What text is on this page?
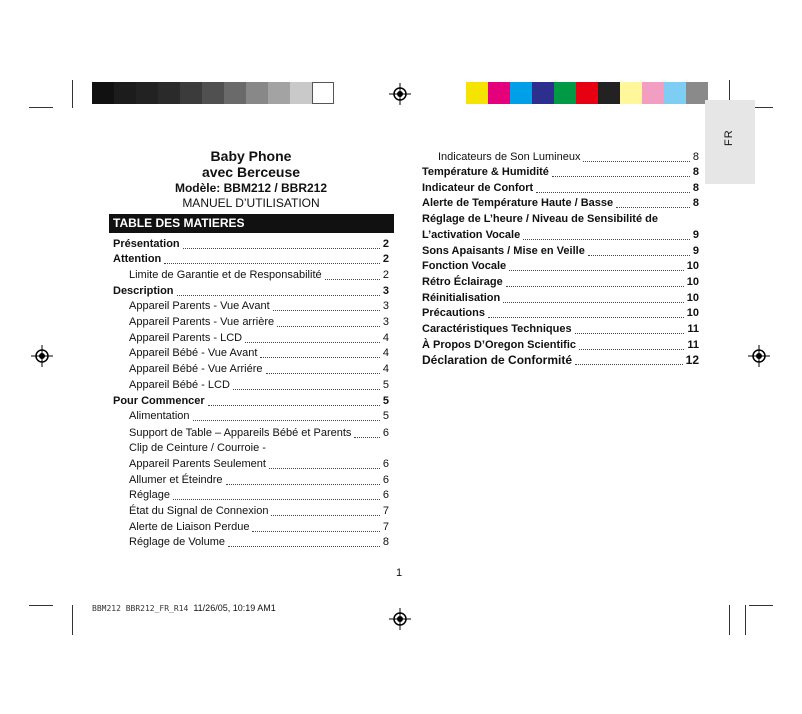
FR
Baby Phone
avec Berceuse
Modèle: BBM212 / BBR212
MANUEL D’UTILISATION
TABLE DES MATIERES
Présentation	2
Attention	2
Limite de Garantie et de Responsabilité	2
Description	3
Appareil Parents - Vue Avant	3
Appareil Parents - Vue arrière	3
Appareil Parents - LCD	4
Appareil Bébé - Vue Avant	4
Appareil Bébé - Vue Arriére	4
Appareil Bébé - LCD	5
Pour Commencer	5
Alimentation	5
Support de Table – Appareils Bébé et Parents	6
Clip de Ceinture / Courroie -
Appareil Parents Seulement	6
Allumer et Éteindre	6
Réglage	6
État du Signal de Connexion	7
Alerte de Liaison Perdue	7
Réglage de Volume	8
Indicateurs de Son Lumineux	8
Température & Humidité	8
Indicateur de Confort	8
Alerte de Température Haute / Basse	8
Réglage de L’heure / Niveau de Sensibilité de
L’activation Vocale	9
Sons Apaisants / Mise en Veille	9
Fonction Vocale	10
Rétro Éclairage	10
Réinitialisation	10
Précautions	10
Caractéristiques Techniques	11
À Propos D’Oregon Scientific	11
Déclaration de Conformité	12
1
BBM212 BBR212_FR_R14 11/26/05, 10:19 AM1
